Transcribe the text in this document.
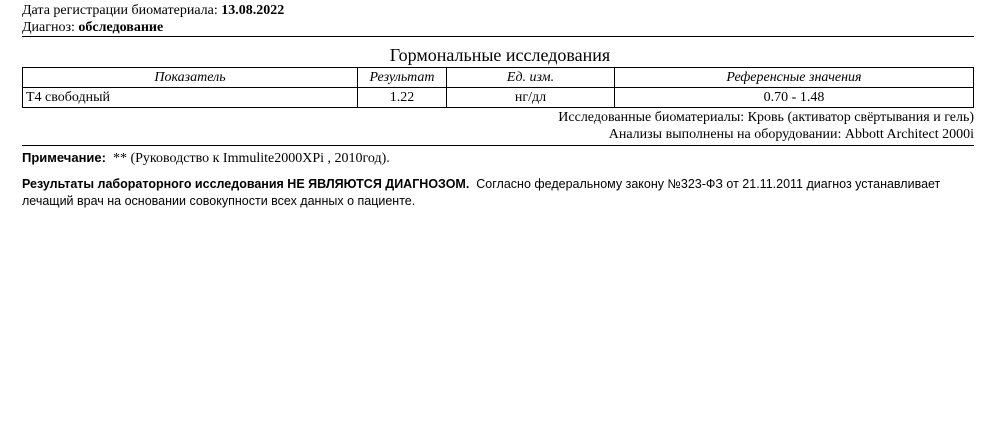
Дата регистрации биоматериала: 13.08.2022
Диагноз: обследование
Гормональные исследования
Показатель	Результат	Ед. изм.	Референсные значения
T4 свободный	1.22	нг/дл	0.70 - 1.48
Исследованные биоматериалы: Кровь (активатор свёртывания и гель)
Анализы выполнены на оборудовании: Abbott Architect 2000i
Примечание: ** (Руководство к Immulite2000XPi , 2010год).
Результаты лабораторного исследования НЕ ЯВЛЯЮТСЯ ДИАГНОЗОМ. Согласно федеральному закону №323-ФЗ от 21.11.2011 диагноз устанавливает лечащий врач на основании совокупности всех данных о пациенте.
